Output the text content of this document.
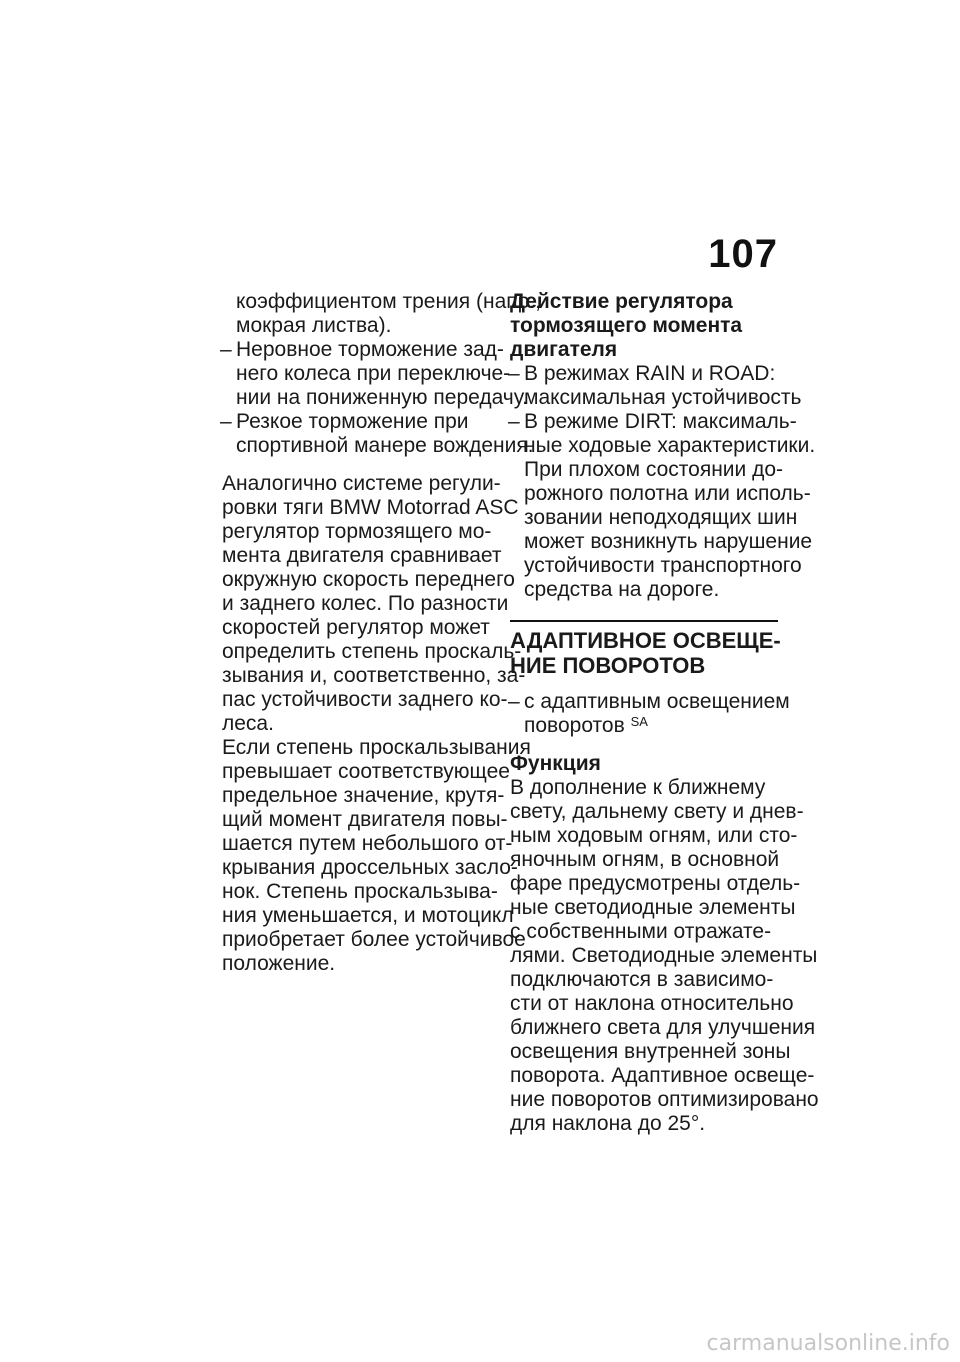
107
коэффициентом трения (напр.,
мокрая листва).
– Неровное торможение зад-
него колеса при переключе-
нии на пониженную передачу.
– Резкое торможение при
спортивной манере вождения.
Аналогично системе регули-
ровки тяги BMW Motorrad ASC
регулятор тормозящего мо-
мента двигателя сравнивает
окружную скорость переднего
и заднего колес. По разности
скоростей регулятор может
определить степень проскаль-
зывания и, соответственно, за-
пас устойчивости заднего ко-
леса.
Если степень проскальзывания
превышает соответствующее
предельное значение, крутя-
щий момент двигателя повы-
шается путем небольшого от-
крывания дроссельных засло-
нок. Степень проскальзыва-
ния уменьшается, и мотоцикл
приобретает более устойчивое
положение.
Действие регулятора
тормозящего момента
двигателя
– В режимах RAIN и ROAD:
максимальная устойчивость
– В режиме DIRT: максималь-
ные ходовые характеристики.
При плохом состоянии до-
рожного полотна или исполь-
зовании неподходящих шин
может возникнуть нарушение
устойчивости транспортного
средства на дороге.
АДАПТИВНОЕ ОСВЕЩЕ-
НИЕ ПОВОРОТОВ
– с адаптивным освещением
поворотов $^{SA}$
Функция
В дополнение к ближнему
свету, дальнему свету и днев-
ным ходовым огням, или сто-
яночным огням, в основной
фаре предусмотрены отдель-
ные светодиодные элементы
с собственными отражате-
лями. Светодиодные элементы
подключаются в зависимо-
сти от наклона относительно
ближнего света для улучшения
освещения внутренней зоны
поворота. Адаптивное освеще-
ние поворотов оптимизировано
для наклона до 25°.
carmanualsonline.info
